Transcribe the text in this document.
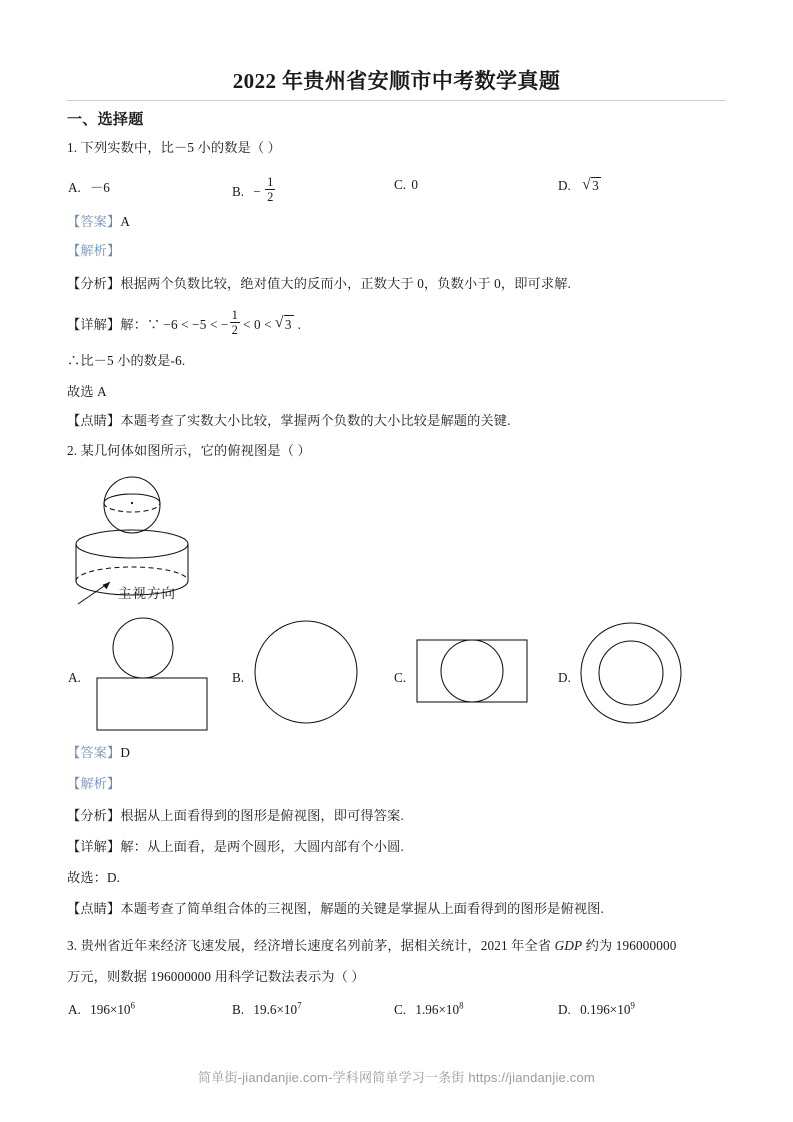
2022 年贵州省安顺市中考数学真题
一、选择题
1. 下列实数中，比－5 小的数是（ ）
A. －6	B. − $\frac{1}{2}$	C. 0	D. √ 3
【答案】A
【解析】
【分析】根据两个负数比较，绝对值大的反而小，正数大于 0，负数小于 0，即可求解.
【详解】解：∵ −6 < −5 < − $\frac{1}{2} < 0$ < √ 3 .
∴比－5 小的数是-6.
故选 A
【点睛】本题考查了实数大小比较，掌握两个负数的大小比较是解题的关键.
2. 某几何体如图所示，它的俯视图是（ ）
主视方向
A.	B.	C.	D.
【答案】D
【解析】
【分析】根据从上面看得到的图形是俯视图，即可得答案.
【详解】解：从上面看，是两个圆形，大圆内部有个小圆.
故选：D.
【点睛】本题考查了简单组合体的三视图，解题的关键是掌握从上面看得到的图形是俯视图.
3. 贵州省近年来经济飞速发展，经济增长速度名列前茅，据相关统计，2021 年全省 GDP 约为 196000000
万元，则数据 196000000 用科学记数法表示为（ ）
A. $196\times 10^6$	B. $19.6\times 10^7$	C. $1.96\times 10^8$	D. $0.196\times 10^9$
简单街-jiandanjie.com-学科网简单学习一条街 https://jiandanjie.com
